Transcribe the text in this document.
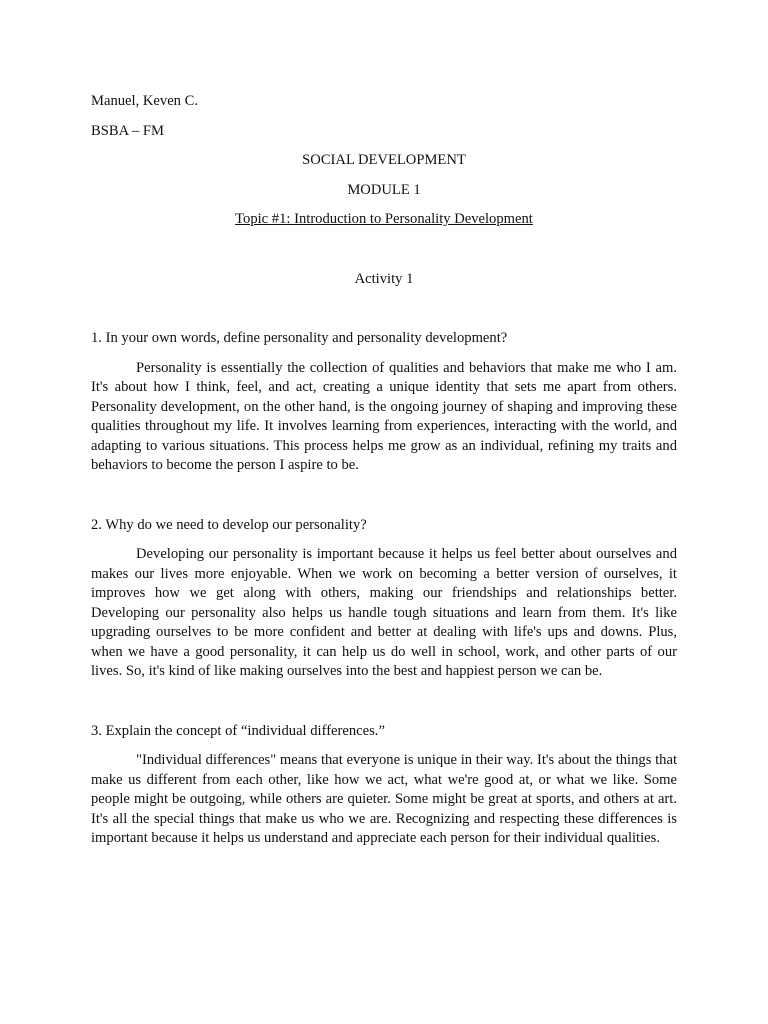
Manuel, Keven C.

BSBA – FM

SOCIAL DEVELOPMENT

MODULE 1

Topic #1: Introduction to Personality Development

Activity 1

1. In your own words, define personality and personality development?

Personality is essentially the collection of qualities and behaviors that make me who I am. It's about how I think, feel, and act, creating a unique identity that sets me apart from others. Personality development, on the other hand, is the ongoing journey of shaping and improving these qualities throughout my life. It involves learning from experiences, interacting with the world, and adapting to various situations. This process helps me grow as an individual, refining my traits and behaviors to become the person I aspire to be.

2. Why do we need to develop our personality?

Developing our personality is important because it helps us feel better about ourselves and makes our lives more enjoyable. When we work on becoming a better version of ourselves, it improves how we get along with others, making our friendships and relationships better. Developing our personality also helps us handle tough situations and learn from them. It's like upgrading ourselves to be more confident and better at dealing with life's ups and downs. Plus, when we have a good personality, it can help us do well in school, work, and other parts of our lives. So, it's kind of like making ourselves into the best and happiest person we can be.

3. Explain the concept of “individual differences.”

"Individual differences" means that everyone is unique in their way. It's about the things that make us different from each other, like how we act, what we're good at, or what we like. Some people might be outgoing, while others are quieter. Some might be great at sports, and others at art. It's all the special things that make us who we are. Recognizing and respecting these differences is important because it helps us understand and appreciate each person for their individual qualities.
